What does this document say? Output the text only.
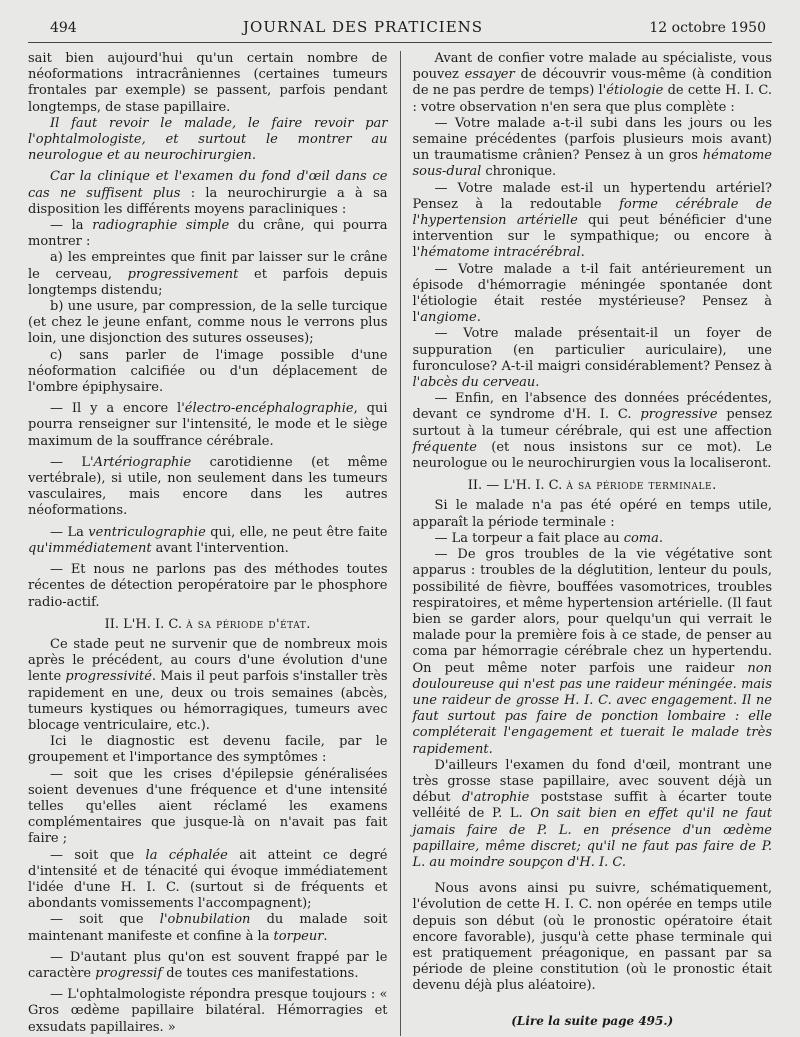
494	JOURNAL DES PRATICIENS	12 octobre 1950

sait bien aujourd'hui qu'un certain nombre de néoformations intracrâniennes (certaines tumeurs frontales par exemple) se passent, parfois pendant longtemps, de stase papillaire.

Il faut revoir le malade, le faire revoir par l'ophtalmologiste, et surtout le montrer au neurologue et au neurochirurgien.

Car la clinique et l'examen du fond d'œil dans ce cas ne suffisent plus : la neurochirurgie a à sa disposition les différents moyens paracliniques :

— la radiographie simple du crâne, qui pourra montrer :

a) les empreintes que finit par laisser sur le crâne le cerveau, progressivement et parfois depuis longtemps distendu;

b) une usure, par compression, de la selle turcique (et chez le jeune enfant, comme nous le verrons plus loin, une disjonction des sutures osseuses);

c) sans parler de l'image possible d'une néoformation calcifiée ou d'un déplacement de l'ombre épiphysaire.

— Il y a encore l'électro-encéphalographie, qui pourra renseigner sur l'intensité, le mode et le siège maximum de la souffrance cérébrale.

— L'Artériographie carotidienne (et même vertébrale), si utile, non seulement dans les tumeurs vasculaires, mais encore dans les autres néoformations.

— La ventriculographie qui, elle, ne peut être faite qu'immédiatement avant l'intervention.

— Et nous ne parlons pas des méthodes toutes récentes de détection peropératoire par le phosphore radio-actif.

II. L'H. I. C. à sa période d'état.

Ce stade peut ne survenir que de nombreux mois après le précédent, au cours d'une évolution d'une lente progressivité. Mais il peut parfois s'installer très rapidement en une, deux ou trois semaines (abcès, tumeurs kystiques ou hémorragiques, tumeurs avec blocage ventriculaire, etc.).

Ici le diagnostic est devenu facile, par le groupement et l'importance des symptômes :

— soit que les crises d'épilepsie généralisées soient devenues d'une fréquence et d'une intensité telles qu'elles aient réclamé les examens complémentaires que jusque-là on n'avait pas fait faire ;

— soit que la céphalée ait atteint ce degré d'intensité et de ténacité qui évoque immédiatement l'idée d'une H. I. C. (surtout si de fréquents et abondants vomissements l'accompagnent);

— soit que l'obnubilation du malade soit maintenant manifeste et confine à la torpeur.

— D'autant plus qu'on est souvent frappé par le caractère progressif de toutes ces manifestations.

— L'ophtalmologiste répondra presque toujours : « Gros œdème papillaire bilatéral. Hémorragies et exsudats papillaires. »

Avant de confier votre malade au spécialiste, vous pouvez essayer de découvrir vous-même (à condition de ne pas perdre de temps) l'étiologie de cette H. I. C. : votre observation n'en sera que plus complète :

— Votre malade a-t-il subi dans les jours ou les semaine précédentes (parfois plusieurs mois avant) un traumatisme crânien? Pensez à un gros hématome sous-dural chronique.

— Votre malade est-il un hypertendu artériel? Pensez à la redoutable forme cérébrale de l'hypertension artérielle qui peut bénéficier d'une intervention sur le sympathique; ou encore à l'hématome intracérébral.

— Votre malade a t-il fait antérieurement un épisode d'hémorragie méningée spontanée dont l'étiologie était restée mystérieuse? Pensez à l'angiome.

— Votre malade présentait-il un foyer de suppuration (en particulier auriculaire), une furonculose? A-t-il maigri considérablement? Pensez à l'abcès du cerveau.

— Enfin, en l'absence des données précédentes, devant ce syndrome d'H. I. C. progressive pensez surtout à la tumeur cérébrale, qui est une affection fréquente (et nous insistons sur ce mot). Le neurologue ou le neurochirurgien vous la localiseront.

II. — L'H. I. C. à sa période terminale.

Si le malade n'a pas été opéré en temps utile, apparaît la période terminale :

— La torpeur a fait place au coma.

— De gros troubles de la vie végétative sont apparus : troubles de la déglutition, lenteur du pouls, possibilité de fièvre, bouffées vasomotrices, troubles respiratoires, et même hypertension artérielle. (Il faut bien se garder alors, pour quelqu'un qui verrait le malade pour la première fois à ce stade, de penser au coma par hémorragie cérébrale chez un hypertendu. On peut même noter parfois une raideur non douloureuse qui n'est pas une raideur méningée. mais une raideur de grosse H. I. C. avec engagement. Il ne faut surtout pas faire de ponction lombaire : elle compléterait l'engagement et tuerait le malade très rapidement.

D'ailleurs l'examen du fond d'œil, montrant une très grosse stase papillaire, avec souvent déjà un début d'atrophie poststase suffit à écarter toute velléité de P. L. On sait bien en effet qu'il ne faut jamais faire de P. L. en présence d'un œdème papillaire, même discret; qu'il ne faut pas faire de P. L. au moindre soupçon d'H. I. C.

Nous avons ainsi pu suivre, schématiquement, l'évolution de cette H. I. C. non opérée en temps utile depuis son début (où le pronostic opératoire était encore favorable), jusqu'à cette phase terminale qui est pratiquement préagonique, en passant par sa période de pleine constitution (où le pronostic était devenu déjà plus aléatoire).

(Lire la suite page 495.)
